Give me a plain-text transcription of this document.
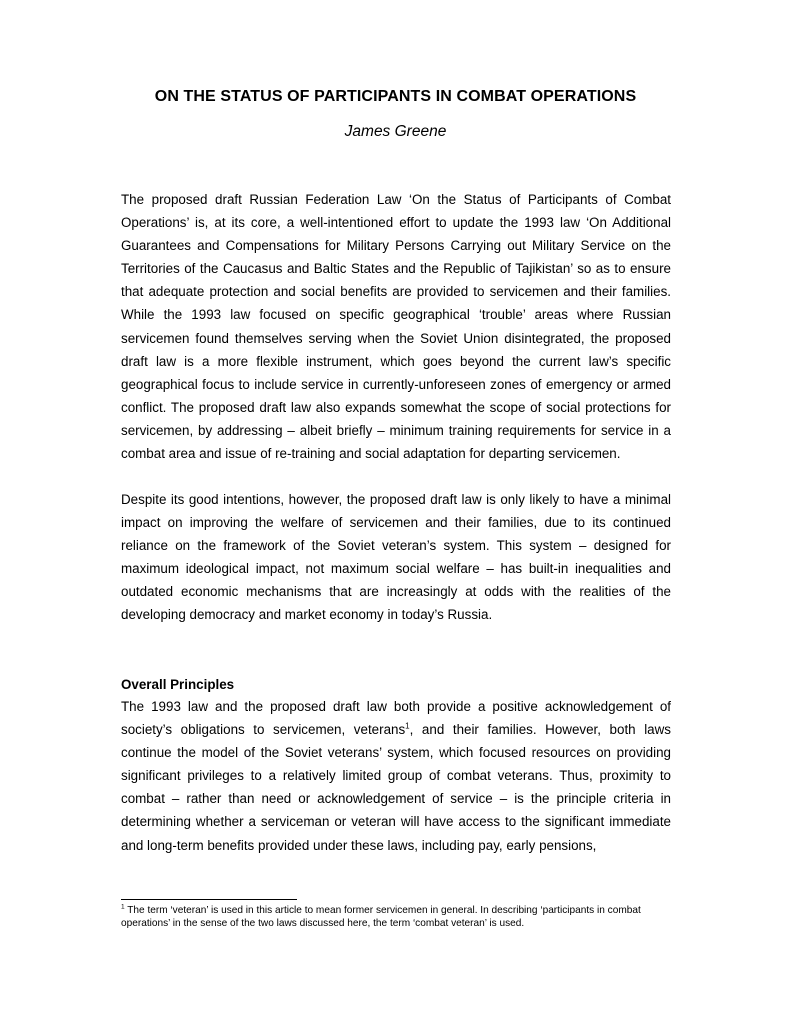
ON THE STATUS OF PARTICIPANTS IN COMBAT OPERATIONS
James Greene

The proposed draft Russian Federation Law ‘On the Status of Participants of Combat Operations’ is, at its core, a well-intentioned effort to update the 1993 law ‘On Additional Guarantees and Compensations for Military Persons Carrying out Military Service on the Territories of the Caucasus and Baltic States and the Republic of Tajikistan’ so as to ensure that adequate protection and social benefits are provided to servicemen and their families. While the 1993 law focused on specific geographical ‘trouble’ areas where Russian servicemen found themselves serving when the Soviet Union disintegrated, the proposed draft law is a more flexible instrument, which goes beyond the current law’s specific geographical focus to include service in currently-unforeseen zones of emergency or armed conflict. The proposed draft law also expands somewhat the scope of social protections for servicemen, by addressing – albeit briefly – minimum training requirements for service in a combat area and issue of re-training and social adaptation for departing servicemen.

Despite its good intentions, however, the proposed draft law is only likely to have a minimal impact on improving the welfare of servicemen and their families, due to its continued reliance on the framework of the Soviet veteran’s system. This system – designed for maximum ideological impact, not maximum social welfare – has built-in inequalities and outdated economic mechanisms that are increasingly at odds with the realities of the developing democracy and market economy in today’s Russia.

Overall Principles

The 1993 law and the proposed draft law both provide a positive acknowledgement of society’s obligations to servicemen, veterans$^1$, and their families. However, both laws continue the model of the Soviet veterans’ system, which focused resources on providing significant privileges to a relatively limited group of combat veterans. Thus, proximity to combat – rather than need or acknowledgement of service – is the principle criteria in determining whether a serviceman or veteran will have access to the significant immediate and long-term benefits provided under these laws, including pay, early pensions,

$^1$ The term ‘veteran’ is used in this article to mean former servicemen in general. In describing ‘participants in combat operations’ in the sense of the two laws discussed here, the term ‘combat veteran’ is used.
